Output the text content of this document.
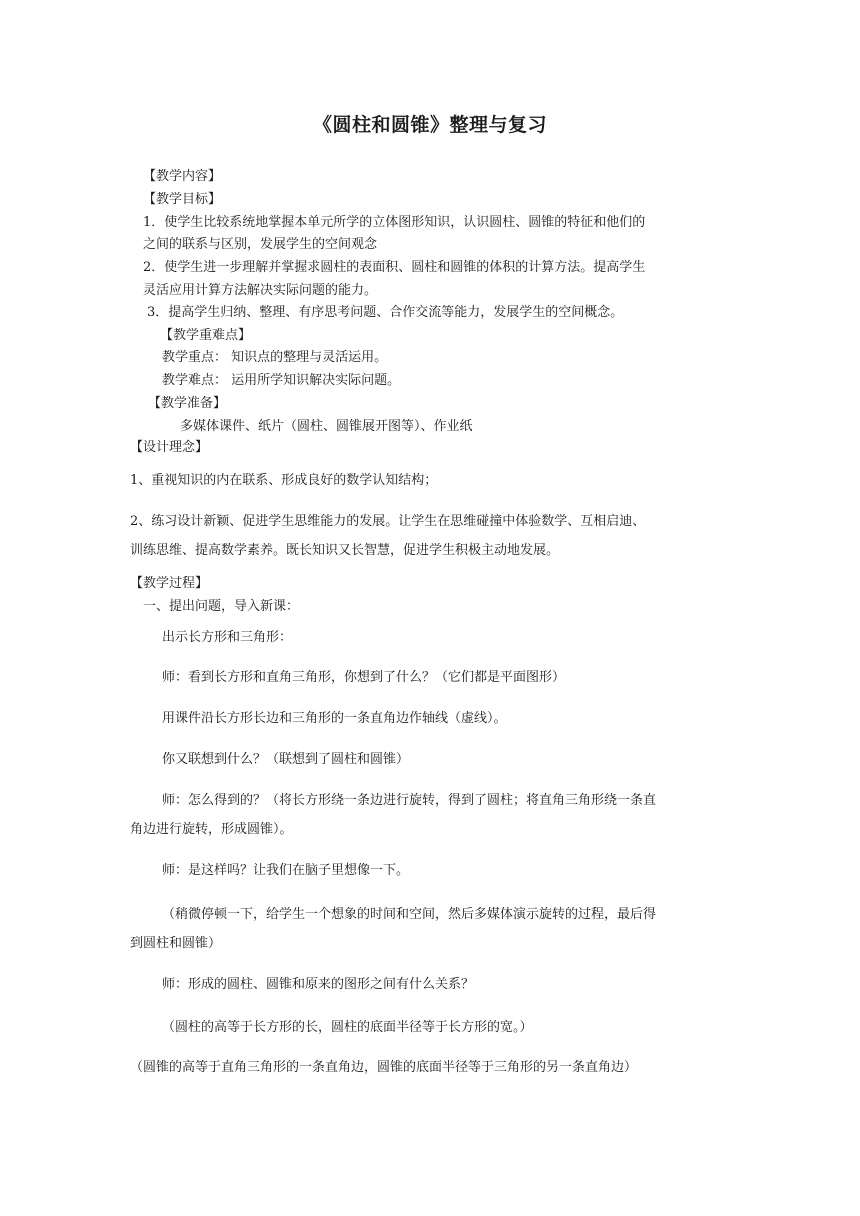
《圆柱和圆锥》整理与复习
【教学内容】
【教学目标】
1．使学生比较系统地掌握本单元所学的立体图形知识，认识圆柱、圆锥的特征和他们的
之间的联系与区别，发展学生的空间观念
2．使学生进一步理解并掌握求圆柱的表面积、圆柱和圆锥的体积的计算方法。提高学生
灵活应用计算方法解决实际问题的能力。
3．提高学生归纳、整理、有序思考问题、合作交流等能力，发展学生的空间概念。
【教学重难点】
教学重点： 知识点的整理与灵活运用。
教学难点： 运用所学知识解决实际问题。
【教学准备】
多媒体课件、纸片（圆柱、圆锥展开图等）、作业纸
【设计理念】
1、重视知识的内在联系、形成良好的数学认知结构；
2、练习设计新颖、促进学生思维能力的发展。让学生在思维碰撞中体验数学、互相启迪、
训练思维、提高数学素养。既长知识又长智慧，促进学生积极主动地发展。
【教学过程】
一、提出问题，导入新课：
出示长方形和三角形：
师：看到长方形和直角三角形，你想到了什么？（它们都是平面图形）
用课件沿长方形长边和三角形的一条直角边作轴线（虚线）。
你又联想到什么？（联想到了圆柱和圆锥）
师：怎么得到的？（将长方形绕一条边进行旋转，得到了圆柱；将直角三角形绕一条直
角边进行旋转，形成圆锥）。
师：是这样吗？让我们在脑子里想像一下。
（稍微停顿一下，给学生一个想象的时间和空间，然后多媒体演示旋转的过程，最后得
到圆柱和圆锥）
师：形成的圆柱、圆锥和原来的图形之间有什么关系？
（圆柱的高等于长方形的长，圆柱的底面半径等于长方形的宽。）
（圆锥的高等于直角三角形的一条直角边，圆锥的底面半径等于三角形的另一条直角边）
